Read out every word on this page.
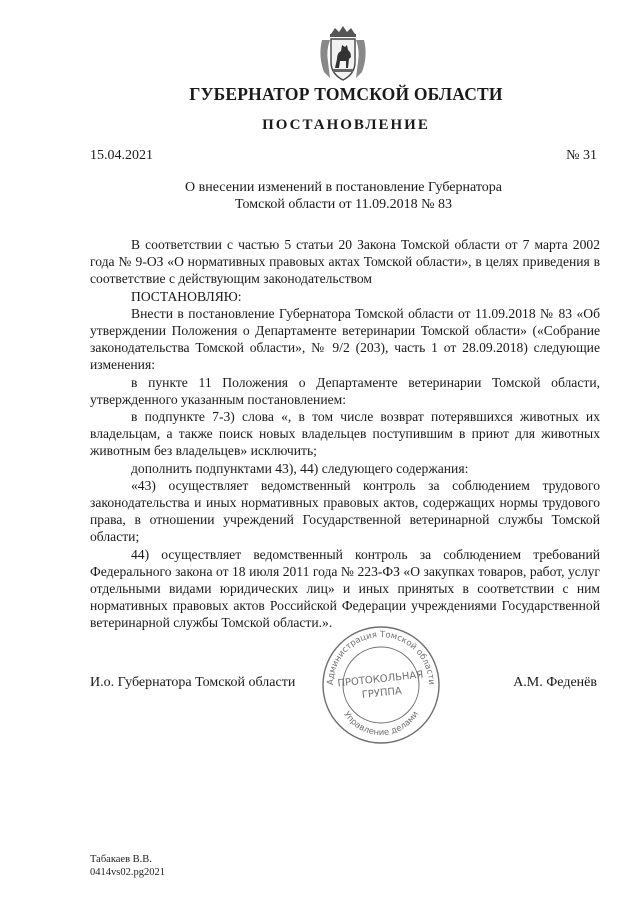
ГУБЕРНАТОР ТОМСКОЙ ОБЛАСТИ
ПОСТАНОВЛЕНИЕ
15.04.2021	№ 31
О внесении изменений в постановление Губернатора
Томской области от 11.09.2018 № 83

В соответствии с частью 5 статьи 20 Закона Томской области от 7 марта 2002 года № 9-ОЗ «О нормативных правовых актах Томской области», в целях приведения в соответствие с действующим законодательством

ПОСТАНОВЛЯЮ:

Внести в постановление Губернатора Томской области от 11.09.2018 № 83 «Об утверждении Положения о Департаменте ветеринарии Томской области» («Собрание законодательства Томской области», № 9/2 (203), часть 1 от 28.09.2018) следующие изменения:

в пункте 11 Положения о Департаменте ветеринарии Томской области, утвержденного указанным постановлением:

в подпункте 7-3) слова «, в том числе возврат потерявшихся животных их владельцам, а также поиск новых владельцев поступившим в приют для животных животным без владельцев» исключить;

дополнить подпунктами 43), 44) следующего содержания:

«43) осуществляет ведомственный контроль за соблюдением трудового законодательства и иных нормативных правовых актов, содержащих нормы трудового права, в отношении учреждений Государственной ветеринарной службы Томской области;

44) осуществляет ведомственный контроль за соблюдением требований Федерального закона от 18 июля 2011 года № 223-ФЗ «О закупках товаров, работ, услуг отдельными видами юридических лиц» и иных принятых в соответствии с ним нормативных правовых актов Российской Федерации учреждениями Государственной ветеринарной службы Томской области.».

Администрация Томской области
Управление делами
ПРОТОКОЛЬНАЯ
ГРУППА
И.о. Губернатора Томской области	А.М. Феденёв
Табакаев В.В.
0414vs02.pg2021
